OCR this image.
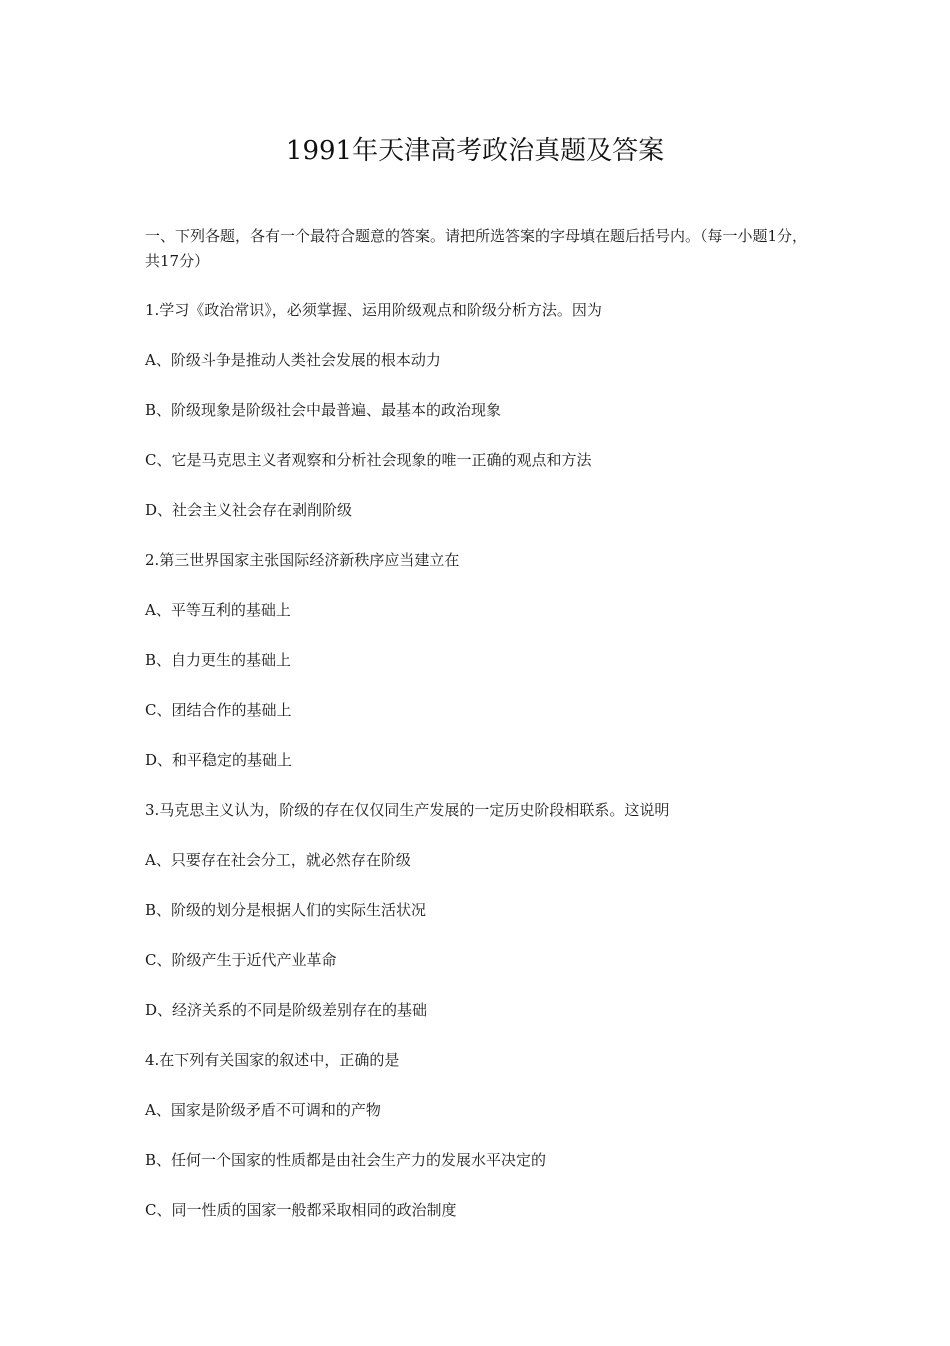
1991年天津高考政治真题及答案
一、下列各题，各有一个最符合题意的答案。请把所选答案的字母填在题后括号内。（每一小题1分，共17分）
1.学习《政治常识》，必须掌握、运用阶级观点和阶级分析方法。因为
A、阶级斗争是推动人类社会发展的根本动力
B、阶级现象是阶级社会中最普遍、最基本的政治现象
C、它是马克思主义者观察和分析社会现象的唯一正确的观点和方法
D、社会主义社会存在剥削阶级
2.第三世界国家主张国际经济新秩序应当建立在
A、平等互利的基础上
B、自力更生的基础上
C、团结合作的基础上
D、和平稳定的基础上
3.马克思主义认为，阶级的存在仅仅同生产发展的一定历史阶段相联系。这说明
A、只要存在社会分工，就必然存在阶级
B、阶级的划分是根据人们的实际生活状况
C、阶级产生于近代产业革命
D、经济关系的不同是阶级差别存在的基础
4.在下列有关国家的叙述中，正确的是
A、国家是阶级矛盾不可调和的产物
B、任何一个国家的性质都是由社会生产力的发展水平决定的
C、同一性质的国家一般都采取相同的政治制度
